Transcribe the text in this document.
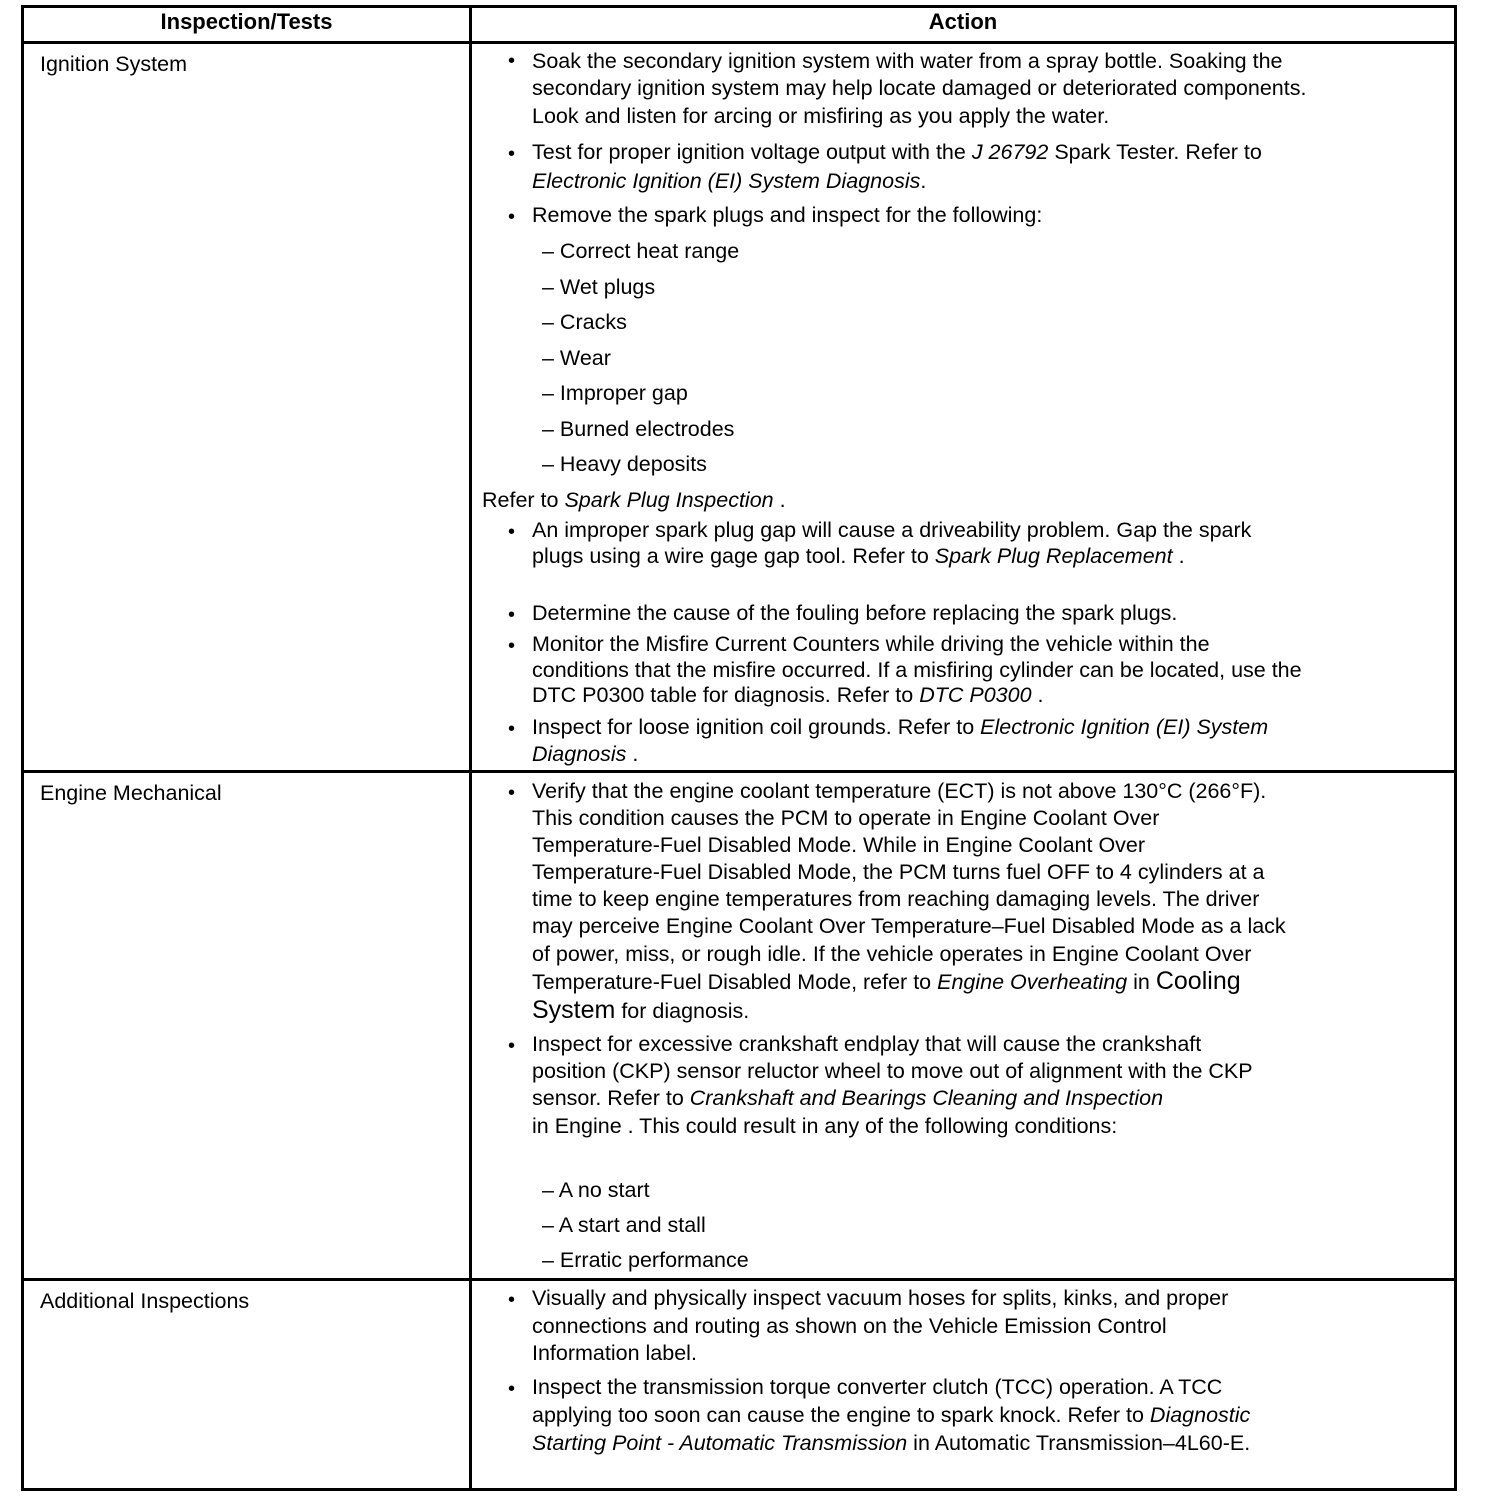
Inspection/Tests	Action
Ignition System	• Soak the secondary ignition system with water from a spray bottle. Soaking the
secondary ignition system may help locate damaged or deteriorated components.
Look and listen for arcing or misfiring as you apply the water.
• Test for proper ignition voltage output with the J 26792 Spark Tester. Refer to
Electronic Ignition (EI) System Diagnosis.
• Remove the spark plugs and inspect for the following:
– Correct heat range
– Wet plugs
– Cracks
– Wear
– Improper gap
– Burned electrodes
– Heavy deposits
Refer to Spark Plug Inspection .
• An improper spark plug gap will cause a driveability problem. Gap the spark
plugs using a wire gage gap tool. Refer to Spark Plug Replacement .
• Determine the cause of the fouling before replacing the spark plugs.
• Monitor the Misfire Current Counters while driving the vehicle within the
conditions that the misfire occurred. If a misfiring cylinder can be located, use the
DTC P0300 table for diagnosis. Refer to DTC P0300 .
• Inspect for loose ignition coil grounds. Refer to Electronic Ignition (EI) System
Diagnosis .
Engine Mechanical	• Verify that the engine coolant temperature (ECT) is not above 130°C (266°F).
This condition causes the PCM to operate in Engine Coolant Over
Temperature-Fuel Disabled Mode. While in Engine Coolant Over
Temperature-Fuel Disabled Mode, the PCM turns fuel OFF to 4 cylinders at a
time to keep engine temperatures from reaching damaging levels. The driver
may perceive Engine Coolant Over Temperature–Fuel Disabled Mode as a lack
of power, miss, or rough idle. If the vehicle operates in Engine Coolant Over
Temperature-Fuel Disabled Mode, refer to Engine Overheating in Cooling
System for diagnosis.
• Inspect for excessive crankshaft endplay that will cause the crankshaft
position (CKP) sensor reluctor wheel to move out of alignment with the CKP
sensor. Refer to Crankshaft and Bearings Cleaning and Inspection
in Engine . This could result in any of the following conditions:
– A no start
– A start and stall
– Erratic performance
Additional Inspections	• Visually and physically inspect vacuum hoses for splits, kinks, and proper
connections and routing as shown on the Vehicle Emission Control
Information label.
• Inspect the transmission torque converter clutch (TCC) operation. A TCC
applying too soon can cause the engine to spark knock. Refer to Diagnostic
Starting Point - Automatic Transmission in Automatic Transmission–4L60-E.
